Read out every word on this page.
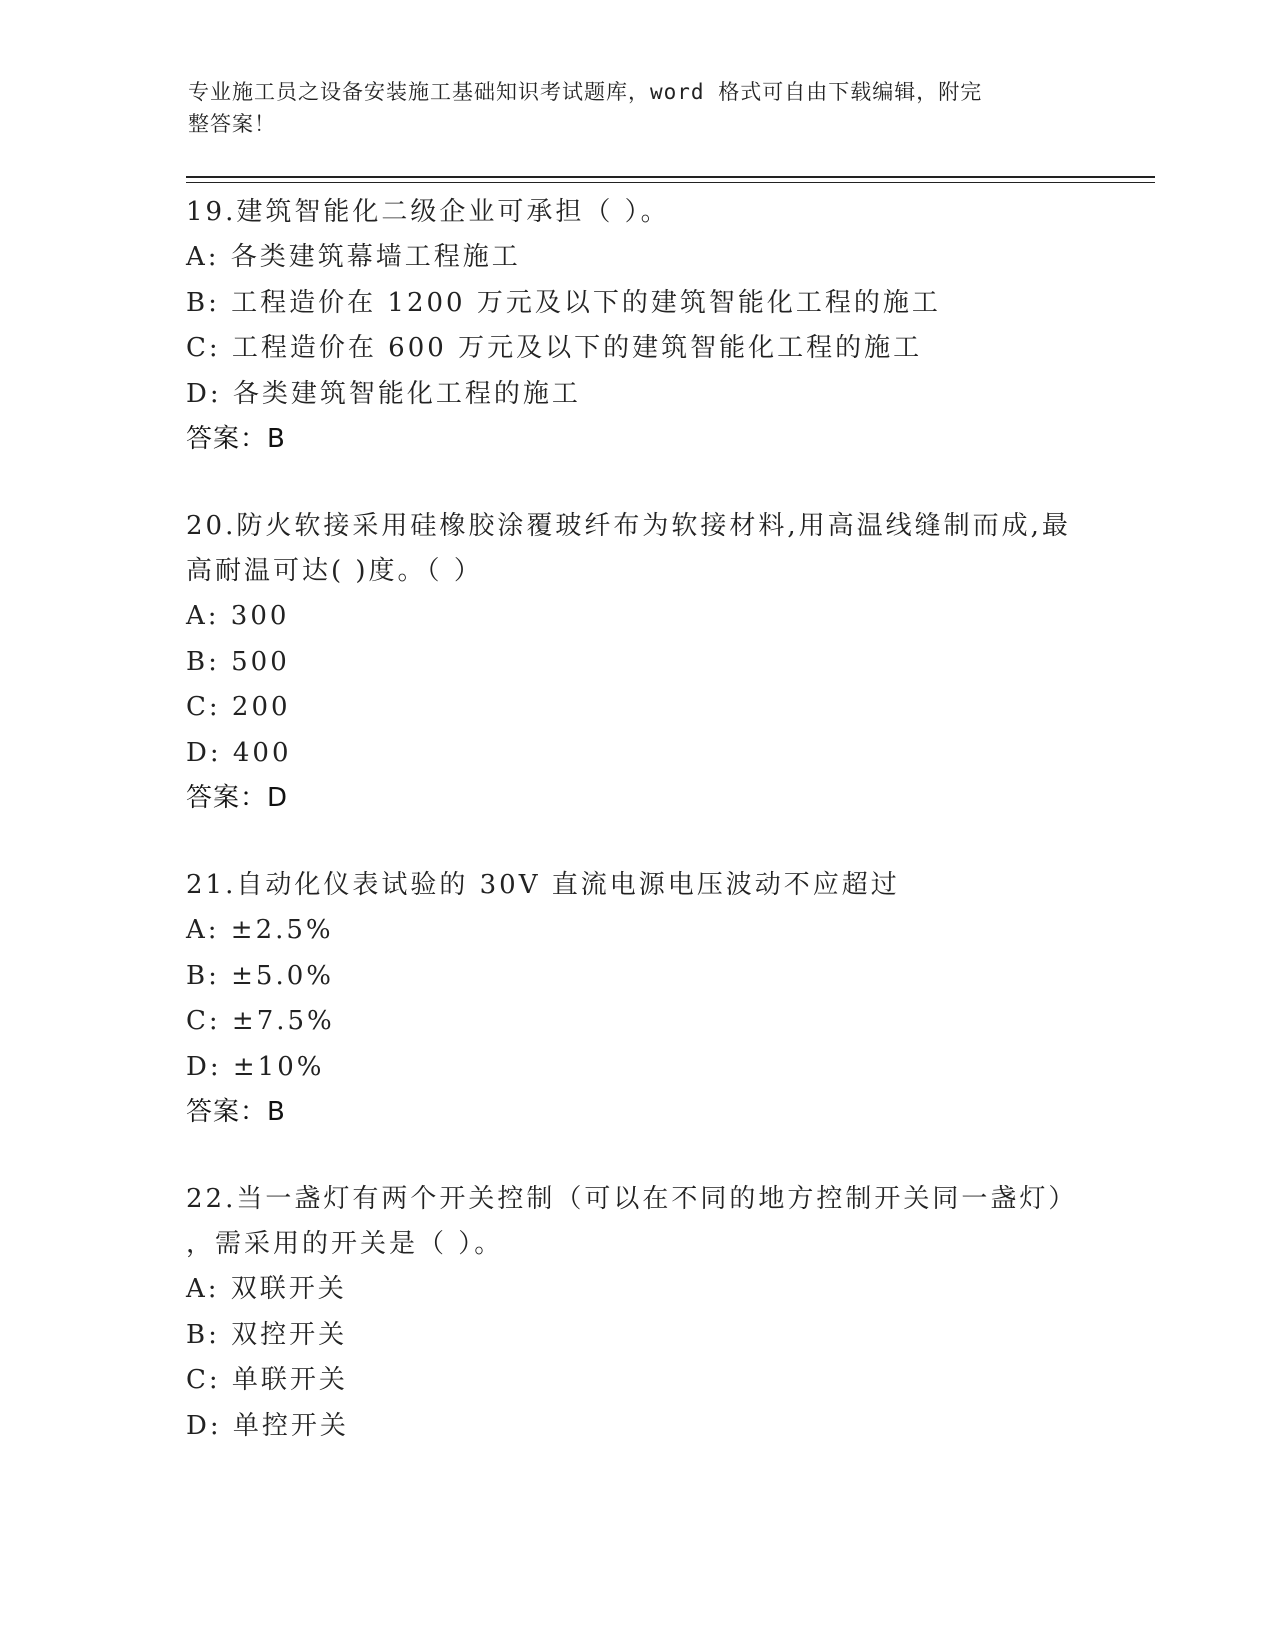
专业施工员之设备安装施工基础知识考试题库，word 格式可自由下载编辑，附完
整答案！
19.建筑智能化二级企业可承担（ ）。
A: 各类建筑幕墙工程施工
B: 工程造价在 1200 万元及以下的建筑智能化工程的施工
C: 工程造价在 600 万元及以下的建筑智能化工程的施工
D: 各类建筑智能化工程的施工
答案：B
20.防火软接采用硅橡胶涂覆玻纤布为软接材料,用高温线缝制而成,最
高耐温可达( )度。（ ）
A: 300
B: 500
C: 200
D: 400
答案：D
21.自动化仪表试验的 30V 直流电源电压波动不应超过
A: ±2.5%
B: ±5.0%
C: ±7.5%
D: ±10%
答案：B
22.当一盏灯有两个开关控制（可以在不同的地方控制开关同一盏灯）
，需采用的开关是（ ）。
A: 双联开关
B: 双控开关
C: 单联开关
D: 单控开关
